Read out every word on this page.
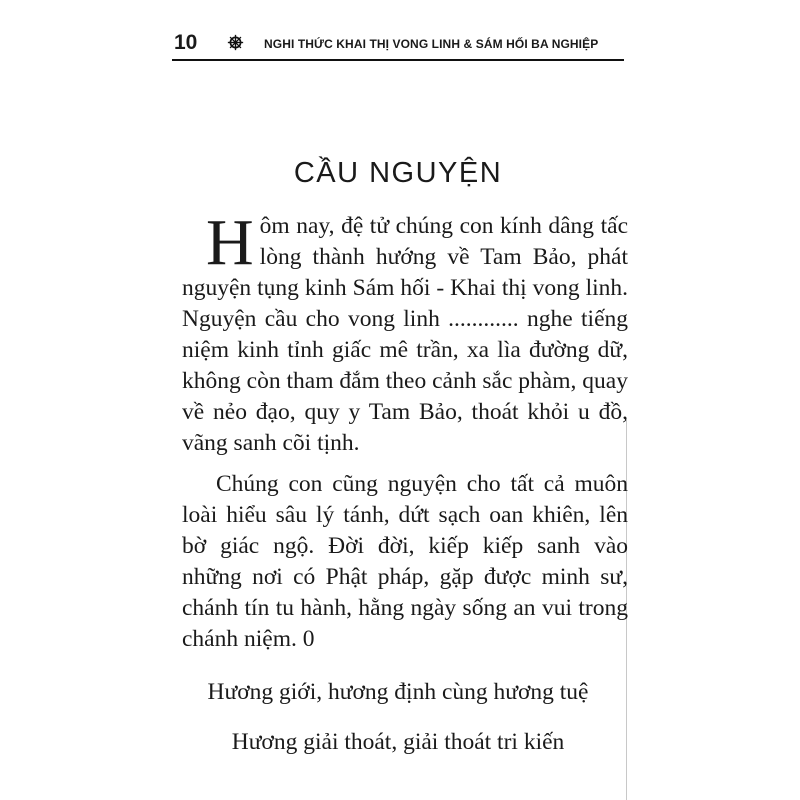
10	NGHI THỨC KHAI THỊ VONG LINH & SÁM HỐI BA NGHIỆP
CẦU NGUYỆN

Hôm nay, đệ tử chúng con kính dâng tấc lòng thành hướng về Tam Bảo, phát nguyện tụng kinh Sám hối - Khai thị vong linh. Nguyện cầu cho vong linh ............ nghe tiếng niệm kinh tỉnh giấc mê trần, xa lìa đường dữ, không còn tham đắm theo cảnh sắc phàm, quay về nẻo đạo, quy y Tam Bảo, thoát khỏi u đồ, vãng sanh cõi tịnh.

Chúng con cũng nguyện cho tất cả muôn loài hiểu sâu lý tánh, dứt sạch oan khiên, lên bờ giác ngộ. Đời đời, kiếp kiếp sanh vào những nơi có Phật pháp, gặp được minh sư, chánh tín tu hành, hằng ngày sống an vui trong chánh niệm. 0

Hương giới, hương định cùng hương tuệ
Hương giải thoát, giải thoát tri kiến
